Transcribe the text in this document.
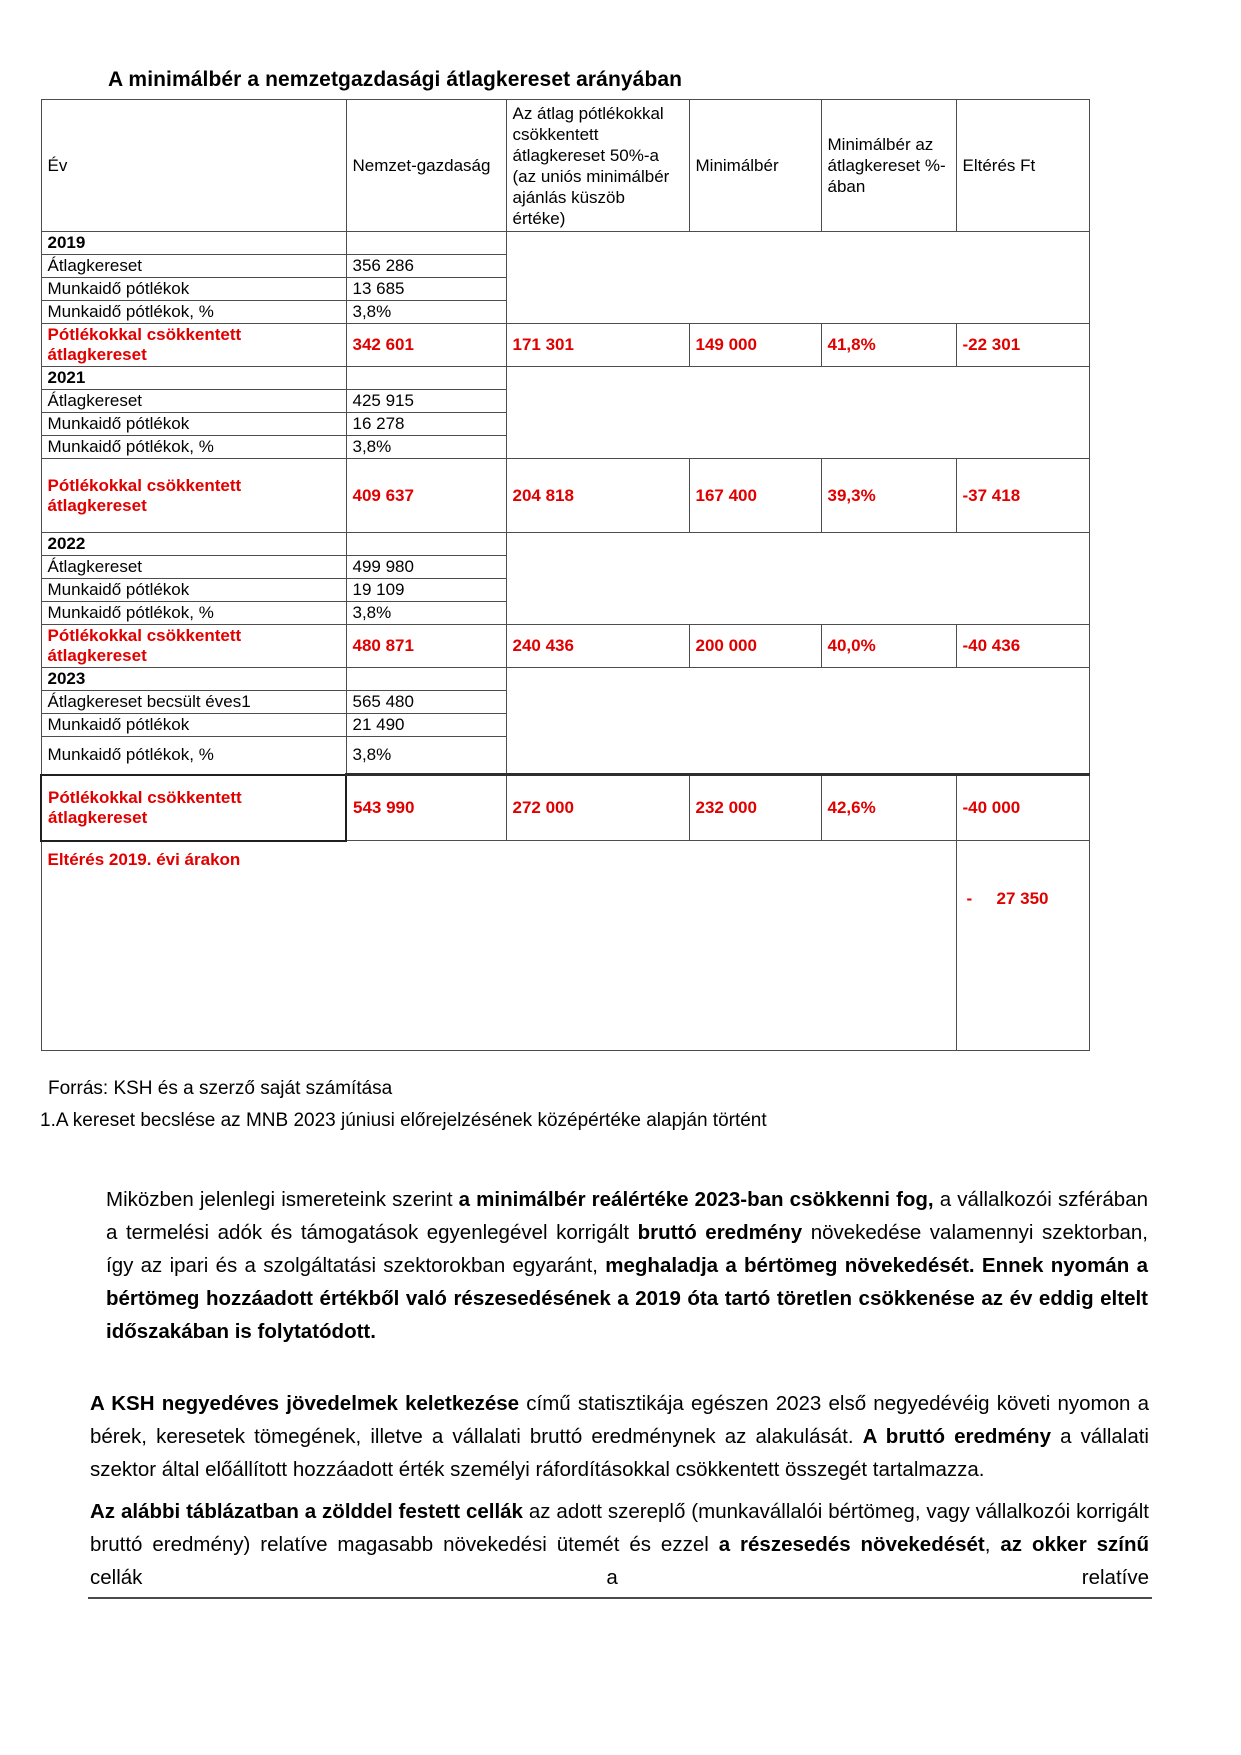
A minimálbér a nemzetgazdasági átlagkereset arányában
Év	Nemzet-gazdaság	Az átlag pótlékokkal csökkentett átlagkereset 50%-a (az uniós minimálbér ajánlás küszöb értéke)	Minimálbér	Minimálbér az átlagkereset %-ában	Eltérés Ft
2019					
Átlagkereset	356 286				
Munkaidő pótlékok	13 685				
Munkaidő pótlékok, %	3,8%				
Pótlékokkal csökkentett átlagkereset	342 601	171 301	149 000	41,8%	-22 301
2021					
Átlagkereset	425 915				
Munkaidő pótlékok	16 278				
Munkaidő pótlékok, %	3,8%				
Pótlékokkal csökkentett átlagkereset	409 637	204 818	167 400	39,3%	-37 418
2022					
Átlagkereset	499 980				
Munkaidő pótlékok	19 109				
Munkaidő pótlékok, %	3,8%				
Pótlékokkal csökkentett átlagkereset	480 871	240 436	200 000	40,0%	-40 436
2023					
Átlagkereset becsült éves1	565 480				
Munkaidő pótlékok	21 490				
Munkaidő pótlékok, %	3,8%				
Pótlékokkal csökkentett átlagkereset	543 990	272 000	232 000	42,6%	-40 000
Eltérés 2019. évi árakon					- 27 350
Forrás: KSH és a szerző saját számítása
1.A kereset becslése az MNB 2023 júniusi előrejelzésének középértéke alapján történt

Miközben jelenlegi ismereteink szerint a minimálbér reálértéke 2023-ban csökkenni fog, a vállalkozói szférában a termelési adók és támogatások egyenlegével korrigált bruttó eredmény növekedése valamennyi szektorban, így az ipari és a szolgáltatási szektorokban egyaránt, meghaladja a bértömeg növekedését. Ennek nyomán a bértömeg hozzáadott értékből való részesedésének a 2019 óta tartó töretlen csökkenése az év eddig eltelt időszakában is folytatódott.

A KSH negyedéves jövedelmek keletkezése című statisztikája egészen 2023 első negyedévéig követi nyomon a bérek, keresetek tömegének, illetve a vállalati bruttó eredménynek az alakulását. A bruttó eredmény a vállalati szektor által előállított hozzáadott érték személyi ráfordításokkal csökkentett összegét tartalmazza.

Az alábbi táblázatban a zölddel festett cellák az adott szereplő (munkavállalói bértömeg, vagy vállalkozói korrigált bruttó eredmény) relatíve magasabb növekedési ütemét és ezzel a részesedés növekedését, az okker színű cellák a relatíve
